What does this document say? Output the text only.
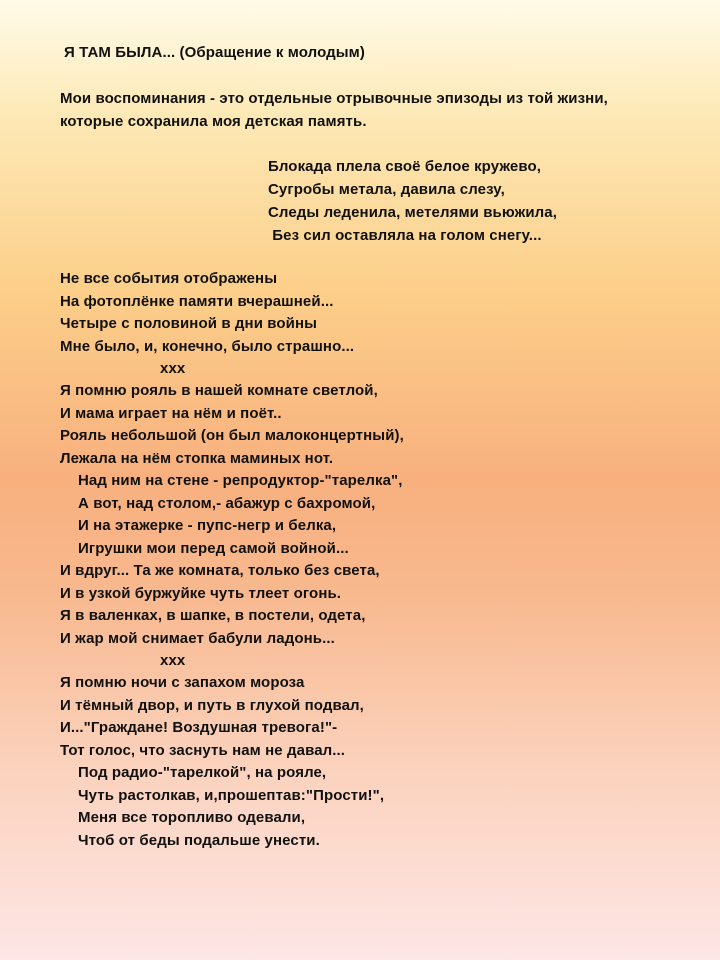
Я ТАМ БЫЛА... (Обращение к молодым)
Мои воспоминания - это отдельные отрывочные эпизоды из той жизни,
которые сохранила моя детская память.
Блокада плела своё белое кружево,
Сугробы метала, давила слезу,
Следы леденила, метелями вьюжила,
Без сил оставляла на голом снегу...
Не все события отображены
На фотоплёнке памяти вчерашней...
Четыре с половиной в дни войны
Мне было, и, конечно, было страшно...
ххх
Я помню рояль в нашей комнате светлой,
И мама играет на нём и поёт..
Рояль небольшой (он был малоконцертный),
Лежала на нём стопка маминых нот.
Над ним на стене - репродуктор-"тарелка",
А вот, над столом,- абажур с бахромой,
И на этажерке - пупс-негр и белка,
Игрушки мои перед самой войной...
И вдруг... Та же комната, только без света,
И в узкой буржуйке чуть тлеет огонь.
Я в валенках, в шапке, в постели, одета,
И жар мой снимает бабули ладонь...
ххх
Я помню ночи с запахом мороза
И тёмный двор, и путь в глухой подвал,
И..."Граждане! Воздушная тревога!"-
Тот голос, что заснуть нам не давал...
Под радио-"тарелкой", на рояле,
Чуть растолкав, и,прошептав:"Прости!",
Меня все торопливо одевали,
Чтоб от беды подальше унести.
